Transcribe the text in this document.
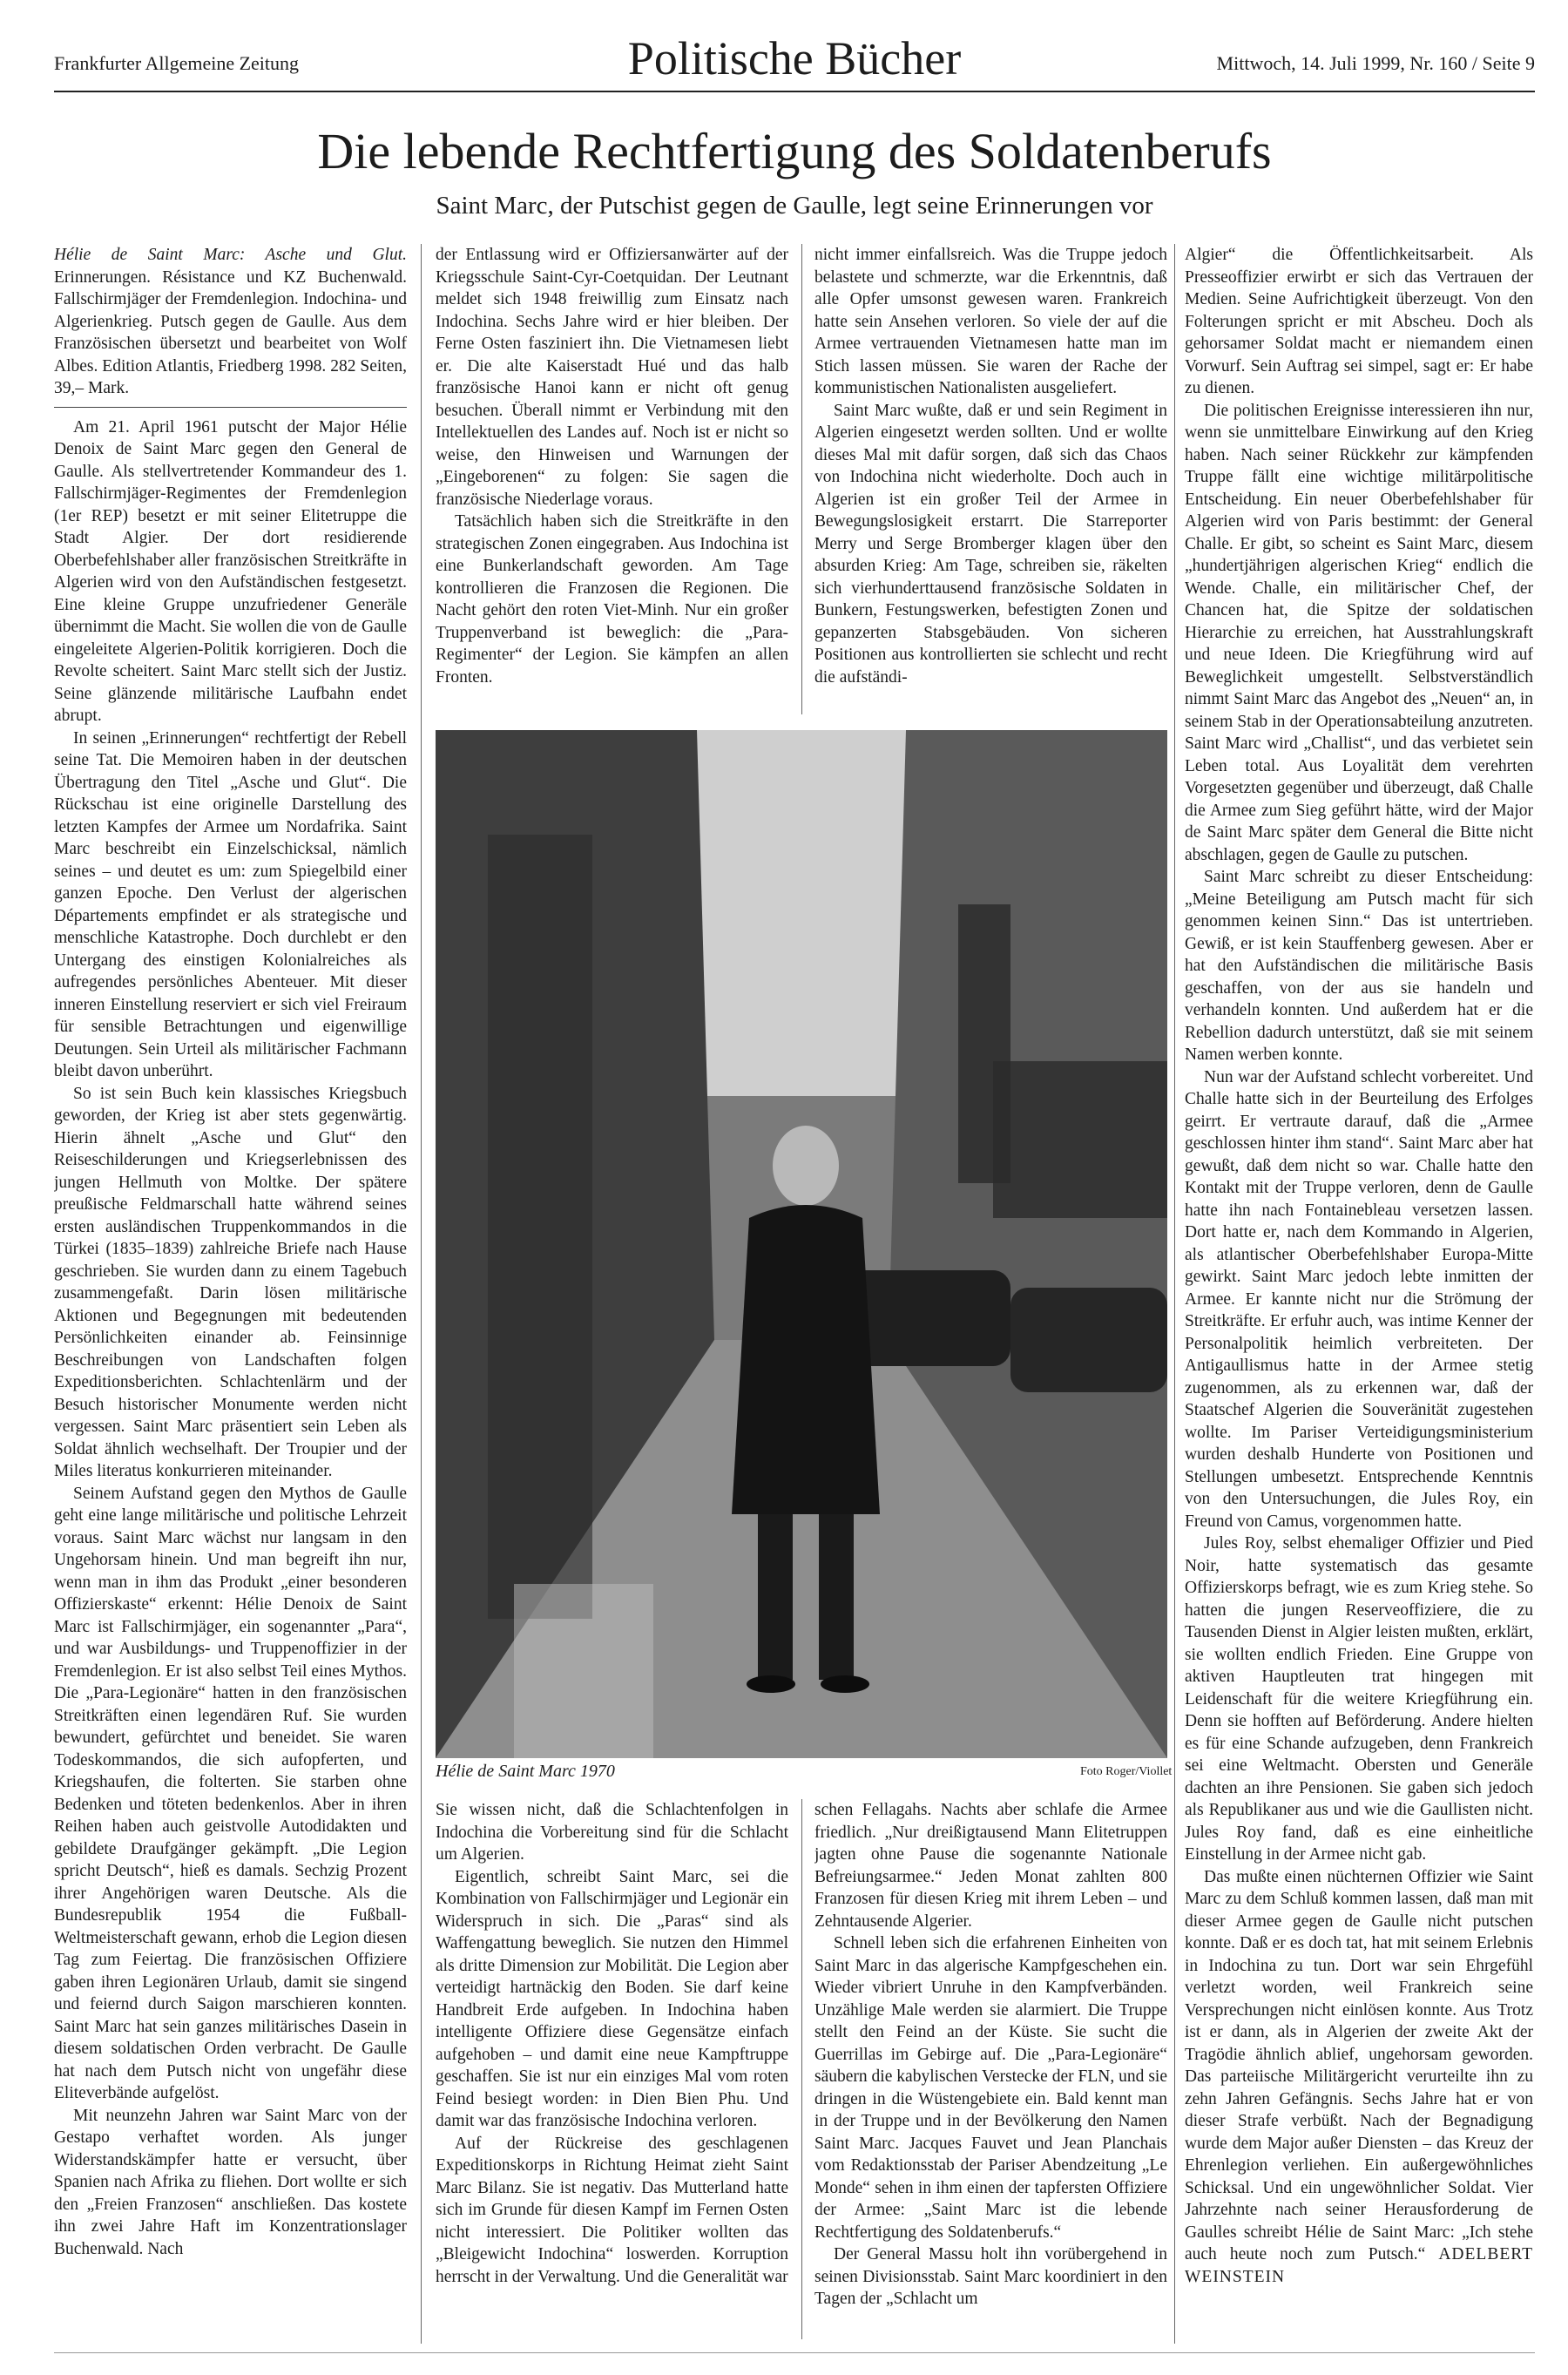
Frankfurter Allgemeine Zeitung	Politische Bücher	Mittwoch, 14. Juli 1999, Nr. 160 / Seite 9
Die lebende Rechtfertigung des Soldatenberufs
Saint Marc, der Putschist gegen de Gaulle, legt seine Erinnerungen vor

Hélie de Saint Marc: Asche und Glut. Erinnerungen. Résistance und KZ Buchenwald. Fallschirmjäger der Fremdenlegion. Indochina- und Algerienkrieg. Putsch gegen de Gaulle. Aus dem Französischen übersetzt und bearbeitet von Wolf Albes. Edition Atlantis, Friedberg 1998. 282 Seiten, 39,– Mark.

Am 21. April 1961 putscht der Major Hélie Denoix de Saint Marc gegen den General de Gaulle. Als stellvertretender Kommandeur des 1. Fallschirmjäger-Regimentes der Fremdenlegion (1er REP) besetzt er mit seiner Elitetruppe die Stadt Algier. Der dort residierende Oberbefehlshaber aller französischen Streitkräfte in Algerien wird von den Aufständischen festgesetzt. Eine kleine Gruppe unzufriedener Generäle übernimmt die Macht. Sie wollen die von de Gaulle eingeleitete Algerien-Politik korrigieren. Doch die Revolte scheitert. Saint Marc stellt sich der Justiz. Seine glänzende militärische Laufbahn endet abrupt.

In seinen „Erinnerungen“ rechtfertigt der Rebell seine Tat. Die Memoiren haben in der deutschen Übertragung den Titel „Asche und Glut“. Die Rückschau ist eine originelle Darstellung des letzten Kampfes der Armee um Nordafrika. Saint Marc beschreibt ein Einzelschicksal, nämlich seines – und deutet es um: zum Spiegelbild einer ganzen Epoche. Den Verlust der algerischen Départements empfindet er als strategische und menschliche Katastrophe. Doch durchlebt er den Untergang des einstigen Kolonialreiches als aufregendes persönliches Abenteuer. Mit dieser inneren Einstellung reserviert er sich viel Freiraum für sensible Betrachtungen und eigenwillige Deutungen. Sein Urteil als militärischer Fachmann bleibt davon unberührt.

So ist sein Buch kein klassisches Kriegsbuch geworden, der Krieg ist aber stets gegenwärtig. Hierin ähnelt „Asche und Glut“ den Reiseschilderungen und Kriegserlebnissen des jungen Hellmuth von Moltke. Der spätere preußische Feldmarschall hatte während seines ersten ausländischen Truppenkommandos in die Türkei (1835–1839) zahlreiche Briefe nach Hause geschrieben. Sie wurden dann zu einem Tagebuch zusammengefaßt. Darin lösen militärische Aktionen und Begegnungen mit bedeutenden Persönlichkeiten einander ab. Feinsinnige Beschreibungen von Landschaften folgen Expeditionsberichten. Schlachtenlärm und der Besuch historischer Monumente werden nicht vergessen. Saint Marc präsentiert sein Leben als Soldat ähnlich wechselhaft. Der Troupier und der Miles literatus konkurrieren miteinander.

Seinem Aufstand gegen den Mythos de Gaulle geht eine lange militärische und politische Lehrzeit voraus. Saint Marc wächst nur langsam in den Ungehorsam hinein. Und man begreift ihn nur, wenn man in ihm das Produkt „einer besonderen Offizierskaste“ erkennt: Hélie Denoix de Saint Marc ist Fallschirmjäger, ein sogenannter „Para“, und war Ausbildungs- und Truppenoffizier in der Fremdenlegion. Er ist also selbst Teil eines Mythos. Die „Para-Legionäre“ hatten in den französischen Streitkräften einen legendären Ruf. Sie wurden bewundert, gefürchtet und beneidet. Sie waren Todeskommandos, die sich aufopferten, und Kriegshaufen, die folterten. Sie starben ohne Bedenken und töteten bedenkenlos. Aber in ihren Reihen haben auch geistvolle Autodidakten und gebildete Draufgänger gekämpft. „Die Legion spricht Deutsch“, hieß es damals. Sechzig Prozent ihrer Angehörigen waren Deutsche. Als die Bundesrepublik 1954 die Fußball-Weltmeisterschaft gewann, erhob die Legion diesen Tag zum Feiertag. Die französischen Offiziere gaben ihren Legionären Urlaub, damit sie singend und feiernd durch Saigon marschieren konnten. Saint Marc hat sein ganzes militärisches Dasein in diesem soldatischen Orden verbracht. De Gaulle hat nach dem Putsch nicht von ungefähr diese Eliteverbände aufgelöst.

Mit neunzehn Jahren war Saint Marc von der Gestapo verhaftet worden. Als junger Widerstandskämpfer hatte er versucht, über Spanien nach Afrika zu fliehen. Dort wollte er sich den „Freien Franzosen“ anschließen. Das kostete ihn zwei Jahre Haft im Konzentrationslager Buchenwald. Nach

der Entlassung wird er Offiziersanwärter auf der Kriegsschule Saint-Cyr-Coetquidan. Der Leutnant meldet sich 1948 freiwillig zum Einsatz nach Indochina. Sechs Jahre wird er hier bleiben. Der Ferne Osten fasziniert ihn. Die Vietnamesen liebt er. Die alte Kaiserstadt Hué und das halb französische Hanoi kann er nicht oft genug besuchen. Überall nimmt er Verbindung mit den Intellektuellen des Landes auf. Noch ist er nicht so weise, den Hinweisen und Warnungen der „Eingeborenen“ zu folgen: Sie sagen die französische Niederlage voraus.

Tatsächlich haben sich die Streitkräfte in den strategischen Zonen eingegraben. Aus Indochina ist eine Bunkerlandschaft geworden. Am Tage kontrollieren die Franzosen die Regionen. Die Nacht gehört den roten Viet-Minh. Nur ein großer Truppenverband ist beweglich: die „Para-Regimenter“ der Legion. Sie kämpfen an allen Fronten.

nicht immer einfallsreich. Was die Truppe jedoch belastete und schmerzte, war die Erkenntnis, daß alle Opfer umsonst gewesen waren. Frankreich hatte sein Ansehen verloren. So viele der auf die Armee vertrauenden Vietnamesen hatte man im Stich lassen müssen. Sie waren der Rache der kommunistischen Nationalisten ausgeliefert.

Saint Marc wußte, daß er und sein Regiment in Algerien eingesetzt werden sollten. Und er wollte dieses Mal mit dafür sorgen, daß sich das Chaos von Indochina nicht wiederholte. Doch auch in Algerien ist ein großer Teil der Armee in Bewegungslosigkeit erstarrt. Die Starreporter Merry und Serge Bromberger klagen über den absurden Krieg: Am Tage, schreiben sie, räkelten sich vierhunderttausend französische Soldaten in Bunkern, Festungswerken, befestigten Zonen und gepanzerten Stabsgebäuden. Von sicheren Positionen aus kontrollierten sie schlecht und recht die aufständi-

Algier“ die Öffentlichkeitsarbeit. Als Presseoffizier erwirbt er sich das Vertrauen der Medien. Seine Aufrichtigkeit überzeugt. Von den Folterungen spricht er mit Abscheu. Doch als gehorsamer Soldat macht er niemandem einen Vorwurf. Sein Auftrag sei simpel, sagt er: Er habe zu dienen.

Die politischen Ereignisse interessieren ihn nur, wenn sie unmittelbare Einwirkung auf den Krieg haben. Nach seiner Rückkehr zur kämpfenden Truppe fällt eine wichtige militärpolitische Entscheidung. Ein neuer Oberbefehlshaber für Algerien wird von Paris bestimmt: der General Challe. Er gibt, so scheint es Saint Marc, diesem „hundertjährigen algerischen Krieg“ endlich die Wende. Challe, ein militärischer Chef, der Chancen hat, die Spitze der soldatischen Hierarchie zu erreichen, hat Ausstrahlungskraft und neue Ideen. Die Kriegführung wird auf Beweglichkeit umgestellt. Selbstverständlich nimmt Saint Marc das Angebot des „Neuen“ an, in seinem Stab in der Operationsabteilung anzutreten. Saint Marc wird „Challist“, und das verbietet sein Leben total. Aus Loyalität dem verehrten Vorgesetzten gegenüber und überzeugt, daß Challe die Armee zum Sieg geführt hätte, wird der Major de Saint Marc später dem General die Bitte nicht abschlagen, gegen de Gaulle zu putschen.

Saint Marc schreibt zu dieser Entscheidung: „Meine Beteiligung am Putsch macht für sich genommen keinen Sinn.“ Das ist untertrieben. Gewiß, er ist kein Stauffenberg gewesen. Aber er hat den Aufständischen die militärische Basis geschaffen, von der aus sie handeln und verhandeln konnten. Und außerdem hat er die Rebellion dadurch unterstützt, daß sie mit seinem Namen werben konnte.

Nun war der Aufstand schlecht vorbereitet. Und Challe hatte sich in der Beurteilung des Erfolges geirrt. Er vertraute darauf, daß die „Armee geschlossen hinter ihm stand“. Saint Marc aber hat gewußt, daß dem nicht so war. Challe hatte den Kontakt mit der Truppe verloren, denn de Gaulle hatte ihn nach Fontainebleau versetzen lassen. Dort hatte er, nach dem Kommando in Algerien, als atlantischer Oberbefehlshaber Europa-Mitte gewirkt. Saint Marc jedoch lebte inmitten der Armee. Er kannte nicht nur die Strömung der Streitkräfte. Er erfuhr auch, was intime Kenner der Personalpolitik heimlich verbreiteten. Der Antigaullismus hatte in der Armee stetig zugenommen, als zu erkennen war, daß der Staatschef Algerien die Souveränität zugestehen wollte. Im Pariser Verteidigungsministerium wurden deshalb Hunderte von Positionen und Stellungen umbesetzt. Entsprechende Kenntnis von den Untersuchungen, die Jules Roy, ein Freund von Camus, vorgenommen hatte.

Jules Roy, selbst ehemaliger Offizier und Pied Noir, hatte systematisch das gesamte Offizierskorps befragt, wie es zum Krieg stehe. So hatten die jungen Reserveoffiziere, die zu Tausenden Dienst in Algier leisten mußten, erklärt, sie wollten endlich Frieden. Eine Gruppe von aktiven Hauptleuten trat hingegen mit Leidenschaft für die weitere Kriegführung ein. Denn sie hofften auf Beförderung. Andere hielten es für eine Schande aufzugeben, denn Frankreich sei eine Weltmacht. Obersten und Generäle dachten an ihre Pensionen. Sie gaben sich jedoch als Republikaner aus und wie die Gaullisten nicht. Jules Roy fand, daß es eine einheitliche Einstellung in der Armee nicht gab.

Das mußte einen nüchternen Offizier wie Saint Marc zu dem Schluß kommen lassen, daß man mit dieser Armee gegen de Gaulle nicht putschen konnte. Daß er es doch tat, hat mit seinem Erlebnis in Indochina zu tun. Dort war sein Ehrgefühl verletzt worden, weil Frankreich seine Versprechungen nicht einlösen konnte. Aus Trotz ist er dann, als in Algerien der zweite Akt der Tragödie ähnlich ablief, ungehorsam geworden. Das parteiische Militärgericht verurteilte ihn zu zehn Jahren Gefängnis. Sechs Jahre hat er von dieser Strafe verbüßt. Nach der Begnadigung wurde dem Major außer Diensten – das Kreuz der Ehrenlegion verliehen. Ein außergewöhnliches Schicksal. Und ein ungewöhnlicher Soldat. Vier Jahrzehnte nach seiner Herausforderung de Gaulles schreibt Hélie de Saint Marc: „Ich stehe auch heute noch zum Putsch.“ ADELBERT WEINSTEIN

Hélie de Saint Marc 1970	Foto Roger/Viollet

Sie wissen nicht, daß die Schlachtenfolgen in Indochina die Vorbereitung sind für die Schlacht um Algerien.

Eigentlich, schreibt Saint Marc, sei die Kombination von Fallschirmjäger und Legionär ein Widerspruch in sich. Die „Paras“ sind als Waffengattung beweglich. Sie nutzen den Himmel als dritte Dimension zur Mobilität. Die Legion aber verteidigt hartnäckig den Boden. Sie darf keine Handbreit Erde aufgeben. In Indochina haben intelligente Offiziere diese Gegensätze einfach aufgehoben – und damit eine neue Kampftruppe geschaffen. Sie ist nur ein einziges Mal vom roten Feind besiegt worden: in Dien Bien Phu. Und damit war das französische Indochina verloren.

Auf der Rückreise des geschlagenen Expeditionskorps in Richtung Heimat zieht Saint Marc Bilanz. Sie ist negativ. Das Mutterland hatte sich im Grunde für diesen Kampf im Fernen Osten nicht interessiert. Die Politiker wollten das „Bleigewicht Indochina“ loswerden. Korruption herrscht in der Verwaltung. Und die Generalität war

schen Fellagahs. Nachts aber schlafe die Armee friedlich. „Nur dreißigtausend Mann Elitetruppen jagten ohne Pause die sogenannte Nationale Befreiungsarmee.“ Jeden Monat zahlten 800 Franzosen für diesen Krieg mit ihrem Leben – und Zehntausende Algerier.

Schnell leben sich die erfahrenen Einheiten von Saint Marc in das algerische Kampfgeschehen ein. Wieder vibriert Unruhe in den Kampfverbänden. Unzählige Male werden sie alarmiert. Die Truppe stellt den Feind an der Küste. Sie sucht die Guerrillas im Gebirge auf. Die „Para-Legionäre“ säubern die kabylischen Verstecke der FLN, und sie dringen in die Wüstengebiete ein. Bald kennt man in der Truppe und in der Bevölkerung den Namen Saint Marc. Jacques Fauvet und Jean Planchais vom Redaktionsstab der Pariser Abendzeitung „Le Monde“ sehen in ihm einen der tapfersten Offiziere der Armee: „Saint Marc ist die lebende Rechtfertigung des Soldatenberufs.“

Der General Massu holt ihn vorübergehend in seinen Divisionsstab. Saint Marc koordiniert in den Tagen der „Schlacht um
